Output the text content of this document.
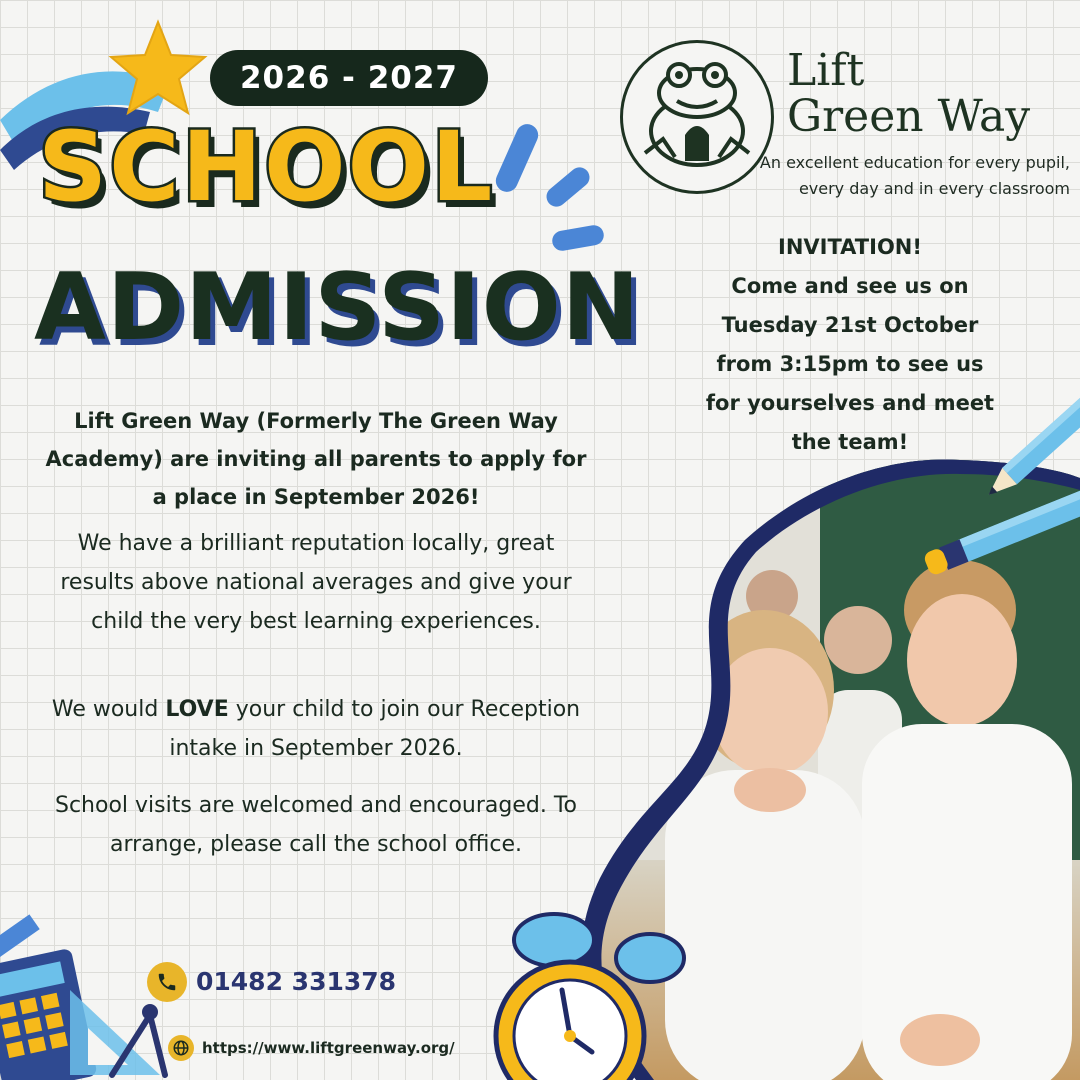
2026 - 2027
SCHOOL
ADMISSION
Lift
Green Way
An excellent education for every pupil,
every day and in every classroom
INVITATION!
Come and see us on
Tuesday 21st October
from 3:15pm to see us
for yourselves and meet
the team!
Lift Green Way (Formerly The Green Way Academy) are inviting all parents to apply for a place in September 2026!
We have a brilliant reputation locally, great results above national averages and give your child the very best learning experiences.
We would LOVE your child to join our Reception intake in September 2026.
School visits are welcomed and encouraged. To arrange, please call the school office.
01482 331378
https://www.liftgreenway.org/
